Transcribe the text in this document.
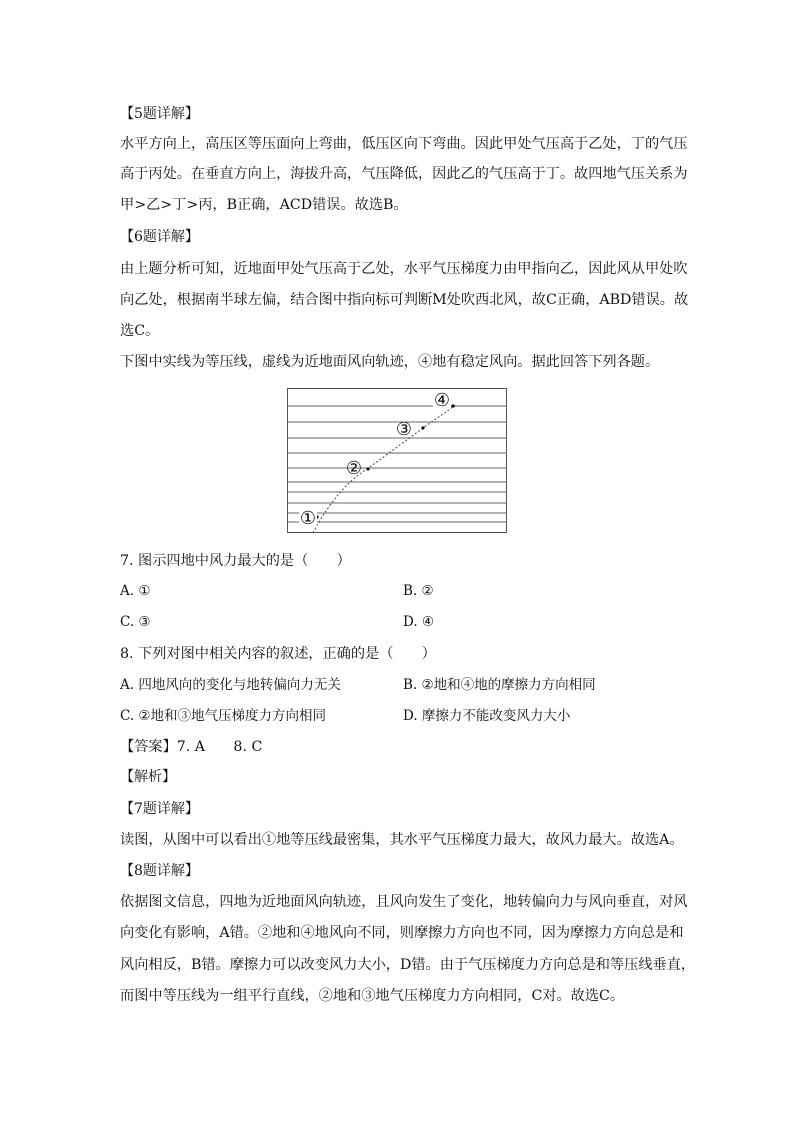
【5题详解】
水平方向上，高压区等压面向上弯曲，低压区向下弯曲。因此甲处气压高于乙处，丁的气压
高于丙处。在垂直方向上，海拔升高，气压降低，因此乙的气压高于丁。故四地气压关系为
甲>乙>丁>丙，B正确，ACD错误。故选B。
【6题详解】
由上题分析可知，近地面甲处气压高于乙处，水平气压梯度力由甲指向乙，因此风从甲处吹
向乙处，根据南半球左偏，结合图中指向标可判断M处吹西北风，故C正确，ABD错误。故
选C。
下图中实线为等压线，虚线为近地面风向轨迹，④地有稳定风向。据此回答下列各题。
①
②
③
④
7. 图示四地中风力最大的是（　　）
A. ①	B. ②
C. ③	D. ④
8. 下列对图中相关内容的叙述，正确的是（　　）
A. 四地风向的变化与地转偏向力无关	B. ②地和④地的摩擦力方向相同
C. ②地和③地气压梯度力方向相同	D. 摩擦力不能改变风力大小
【答案】7. A　　8. C
【解析】
【7题详解】
读图，从图中可以看出①地等压线最密集，其水平气压梯度力最大，故风力最大。故选A。
【8题详解】
依据图文信息，四地为近地面风向轨迹，且风向发生了变化，地转偏向力与风向垂直，对风
向变化有影响，A错。②地和④地风向不同，则摩擦力方向也不同，因为摩擦力方向总是和
风向相反，B错。摩擦力可以改变风力大小，D错。由于气压梯度力方向总是和等压线垂直，
而图中等压线为一组平行直线，②地和③地气压梯度力方向相同，C对。故选C。
